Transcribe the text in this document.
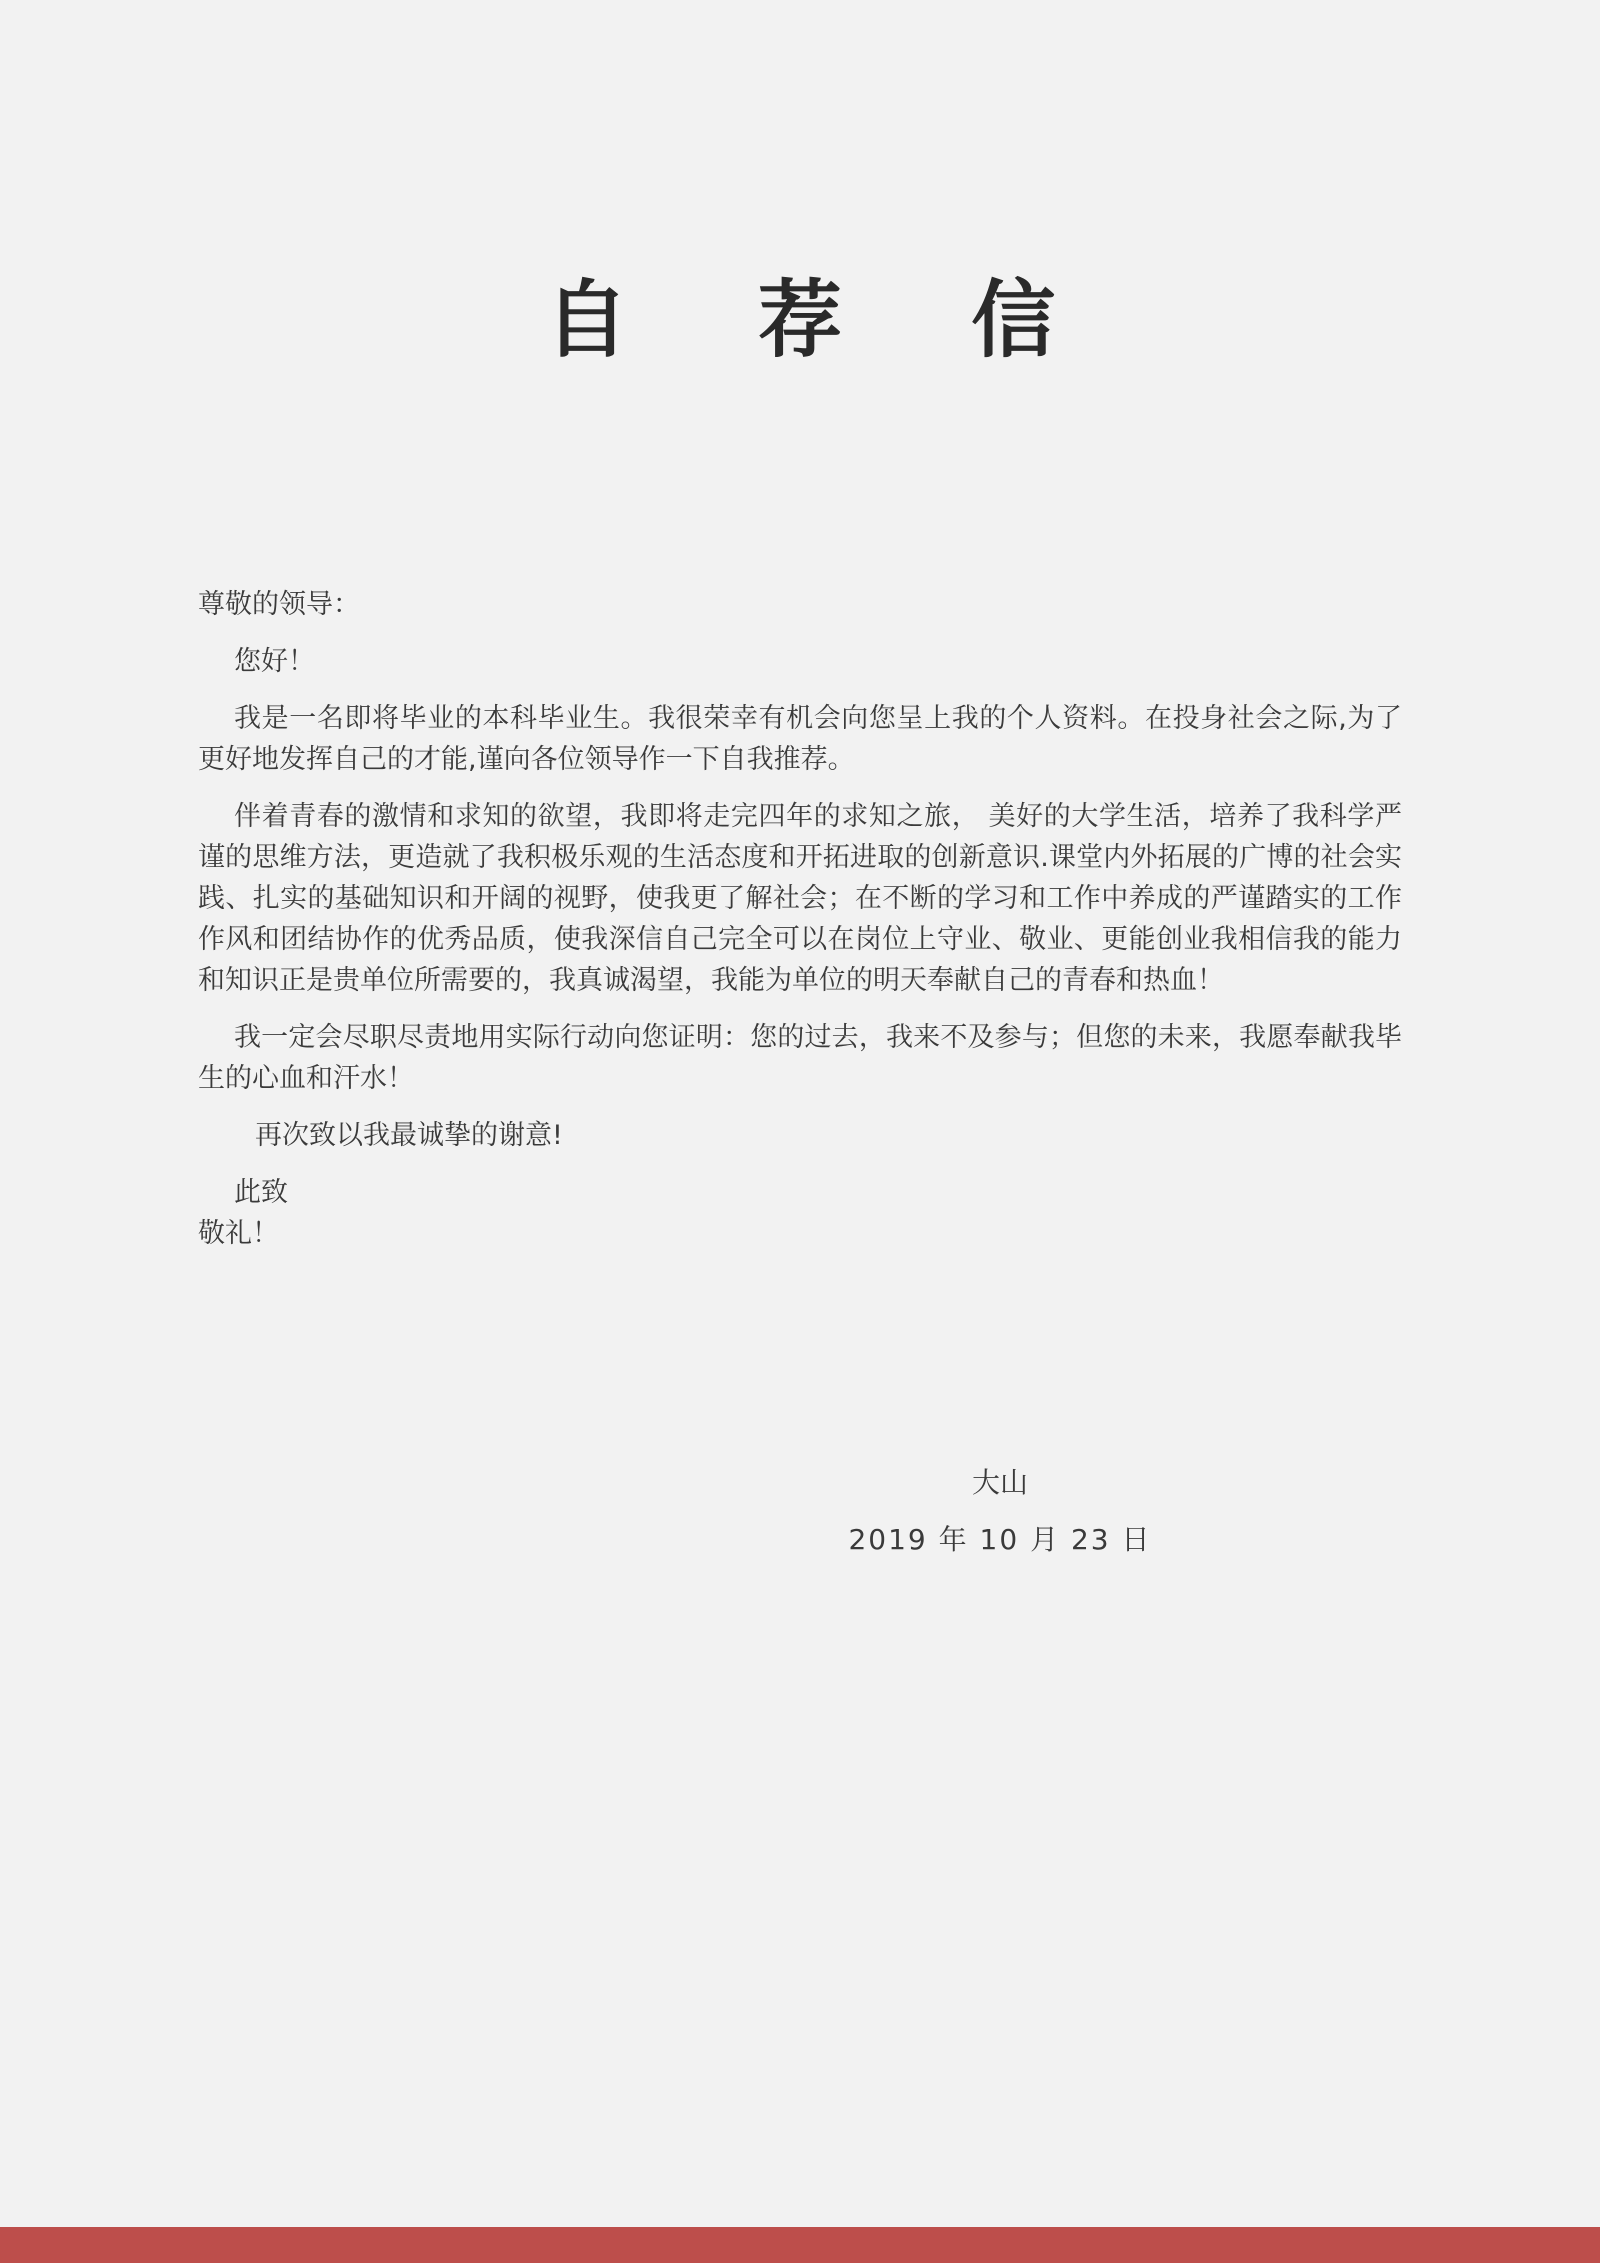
自 荐 信

尊敬的领导：

您好！

我是一名即将毕业的本科毕业生。我很荣幸有机会向您呈上我的个人资料。在投身社会之际,为了更好地发挥自己的才能,谨向各位领导作一下自我推荐。

伴着青春的激情和求知的欲望，我即将走完四年的求知之旅， 美好的大学生活，培养了我科学严谨的思维方法，更造就了我积极乐观的生活态度和开拓进取的创新意识.课堂内外拓展的广博的社会实践、扎实的基础知识和开阔的视野，使我更了解社会；在不断的学习和工作中养成的严谨踏实的工作作风和团结协作的优秀品质，使我深信自己完全可以在岗位上守业、敬业、更能创业我相信我的能力和知识正是贵单位所需要的，我真诚渴望，我能为单位的明天奉献自己的青春和热血！

我一定会尽职尽责地用实际行动向您证明：您的过去，我来不及参与；但您的未来，我愿奉献我毕生的心血和汗水！

再次致以我最诚挚的谢意!

此致

敬礼！

大山
2019 年 10 月 23 日
